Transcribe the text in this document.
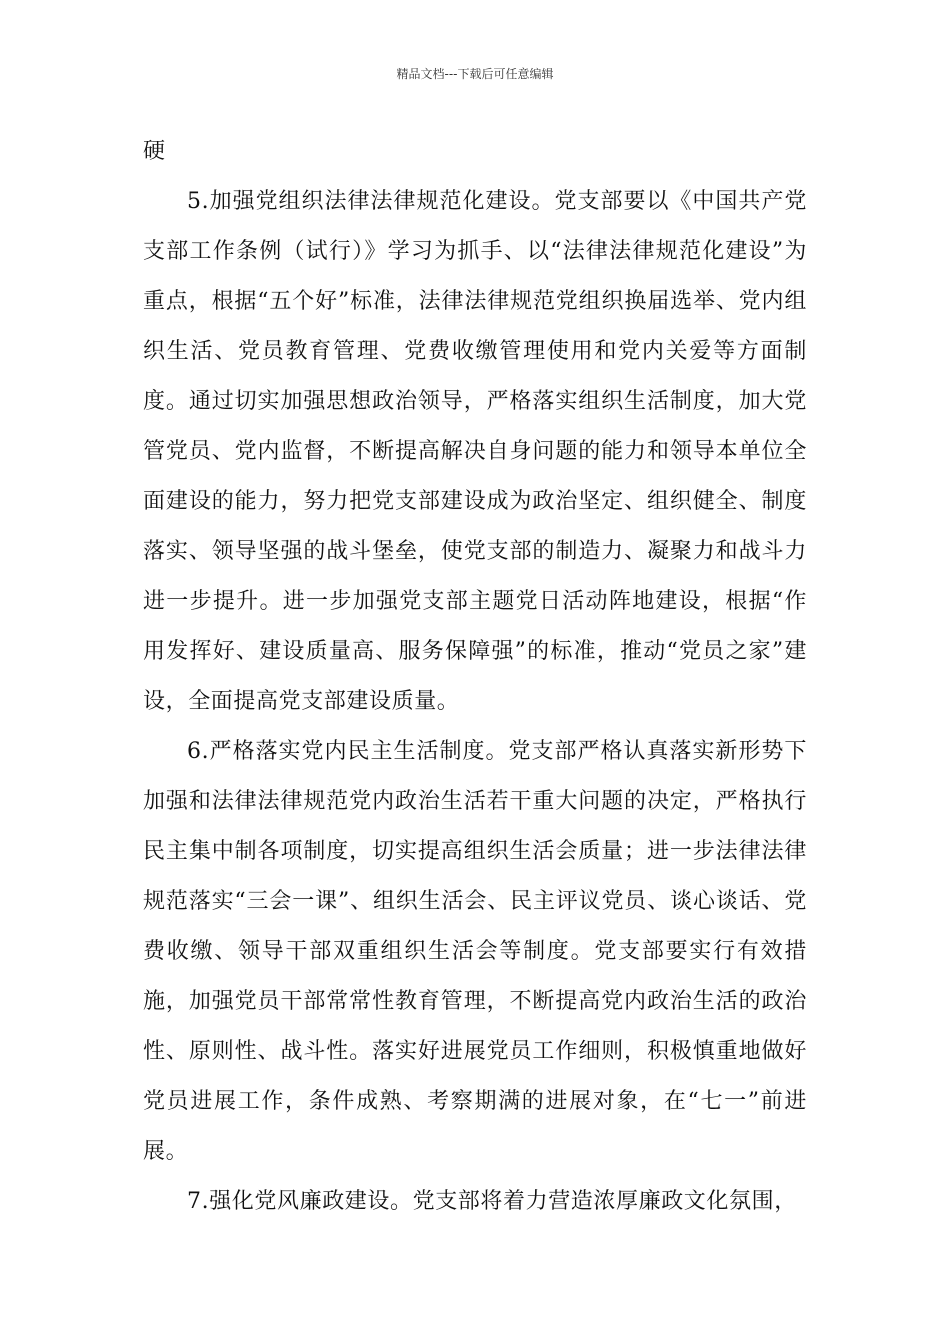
精品文档---下载后可任意编辑

硬

5.加强党组织法律法律规范化建设。党支部要以《中国共产党支部工作条例（试行）》学习为抓手、以“法律法律规范化建设”为重点，根据“五个好”标准，法律法律规范党组织换届选举、党内组织生活、党员教育管理、党费收缴管理使用和党内关爱等方面制度。通过切实加强思想政治领导，严格落实组织生活制度，加大党管党员、党内监督，不断提高解决自身问题的能力和领导本单位全面建设的能力，努力把党支部建设成为政治坚定、组织健全、制度落实、领导坚强的战斗堡垒，使党支部的制造力、凝聚力和战斗力进一步提升。进一步加强党支部主题党日活动阵地建设，根据“作用发挥好、建设质量高、服务保障强”的标准，推动“党员之家”建设，全面提高党支部建设质量。

6.严格落实党内民主生活制度。党支部严格认真落实新形势下加强和法律法律规范党内政治生活若干重大问题的决定，严格执行民主集中制各项制度，切实提高组织生活会质量；进一步法律法律规范落实“三会一课”、组织生活会、民主评议党员、谈心谈话、党费收缴、领导干部双重组织生活会等制度。党支部要实行有效措施，加强党员干部常常性教育管理，不断提高党内政治生活的政治性、原则性、战斗性。落实好进展党员工作细则，积极慎重地做好党员进展工作，条件成熟、考察期满的进展对象，在“七一”前进展。

7.强化党风廉政建设。党支部将着力营造浓厚廉政文化氛围，
